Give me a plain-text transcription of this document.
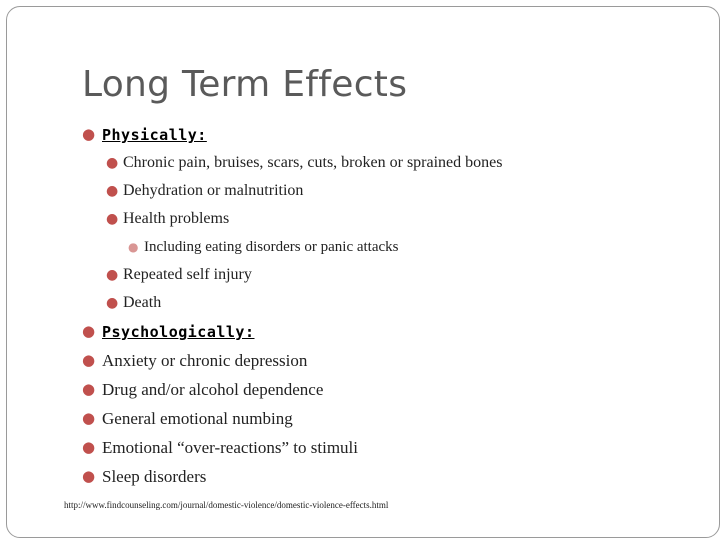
Long Term Effects
● Physically:
● Chronic pain, bruises, scars, cuts, broken or sprained bones
● Dehydration or malnutrition
● Health problems
● Including eating disorders or panic attacks
● Repeated self injury
● Death
● Psychologically:
● Anxiety or chronic depression
● Drug and/or alcohol dependence
● General emotional numbing
● Emotional “over-reactions” to stimuli
● Sleep disorders
http://www.findcounseling.com/journal/domestic-violence/domestic-violence-effects.html
